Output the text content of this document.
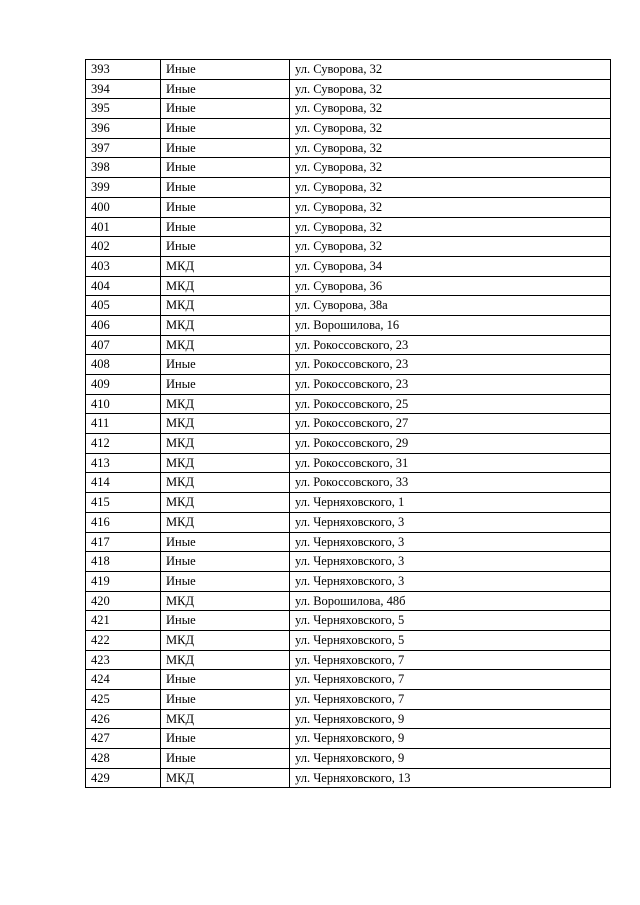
393	Иные	ул. Суворова, 32
394	Иные	ул. Суворова, 32
395	Иные	ул. Суворова, 32
396	Иные	ул. Суворова, 32
397	Иные	ул. Суворова, 32
398	Иные	ул. Суворова, 32
399	Иные	ул. Суворова, 32
400	Иные	ул. Суворова, 32
401	Иные	ул. Суворова, 32
402	Иные	ул. Суворова, 32
403	МКД	ул. Суворова, 34
404	МКД	ул. Суворова, 36
405	МКД	ул. Суворова, 38а
406	МКД	ул. Ворошилова, 16
407	МКД	ул. Рокоссовского, 23
408	Иные	ул. Рокоссовского, 23
409	Иные	ул. Рокоссовского, 23
410	МКД	ул. Рокоссовского, 25
411	МКД	ул. Рокоссовского, 27
412	МКД	ул. Рокоссовского, 29
413	МКД	ул. Рокоссовского, 31
414	МКД	ул. Рокоссовского, 33
415	МКД	ул. Черняховского, 1
416	МКД	ул. Черняховского, 3
417	Иные	ул. Черняховского, 3
418	Иные	ул. Черняховского, 3
419	Иные	ул. Черняховского, 3
420	МКД	ул. Ворошилова, 48б
421	Иные	ул. Черняховского, 5
422	МКД	ул. Черняховского, 5
423	МКД	ул. Черняховского, 7
424	Иные	ул. Черняховского, 7
425	Иные	ул. Черняховского, 7
426	МКД	ул. Черняховского, 9
427	Иные	ул. Черняховского, 9
428	Иные	ул. Черняховского, 9
429	МКД	ул. Черняховского, 13
